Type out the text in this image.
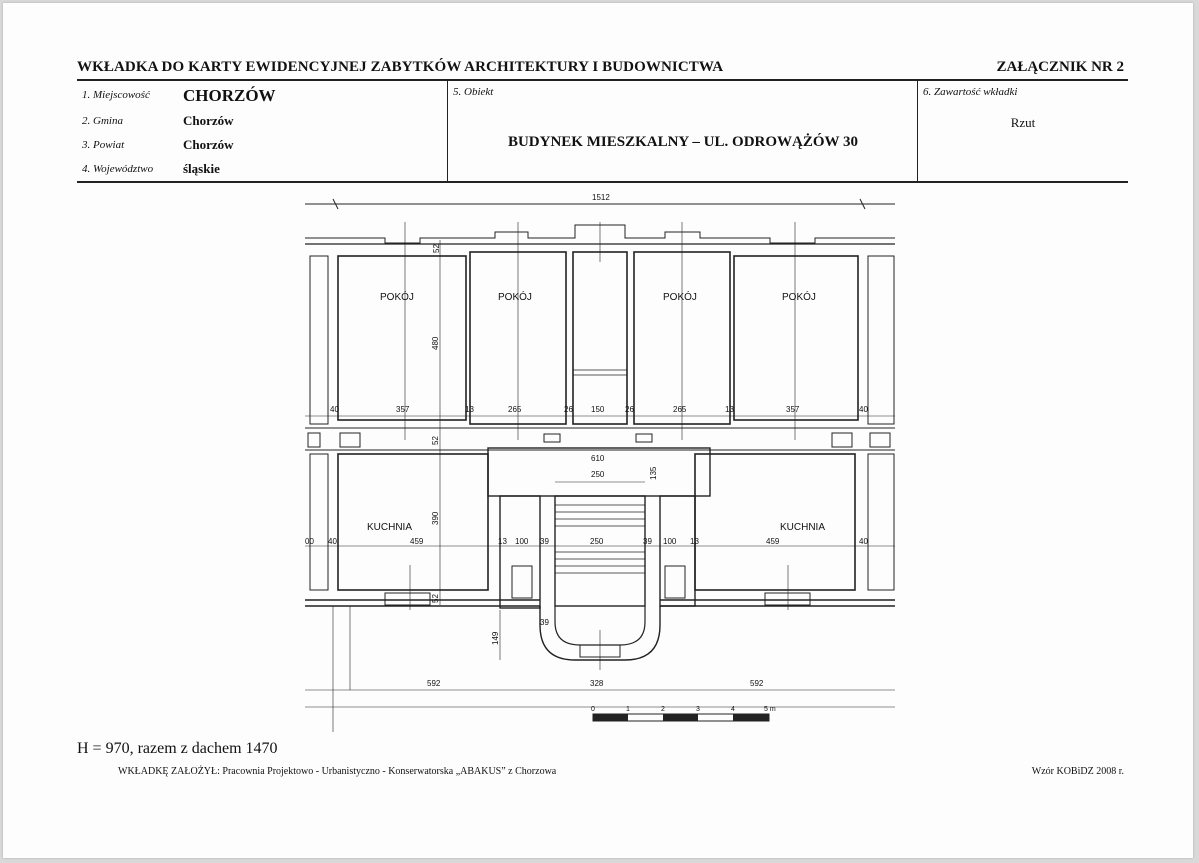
WKŁADKA DO KARTY EWIDENCYJNEJ ZABYTKÓW ARCHITEKTURY I BUDOWNICTWA	ZAŁĄCZNIK NR 2
1. Miejscowość CHORZÓW
2. Gmina	Chorzów
3. Powiat	Chorzów
4. Województwo śląskie
5. Obiekt
BUDYNEK MIESZKALNY – UL. ODROWĄŻÓW 30
6. Zawartość wkładki
Rzut
0	1	2	3	4	5 m
POKÓJ	POKÓJ	POKÓJ	POKÓJ
KUCHNIA	KUCHNIA
1512
52
480
52
390
52
40	357	13	265	26 150	26	265	13	357	40
610
250	135
00 40	459	13 100 39	250	39 100 13	459	40
39
149
592	328	592
H = 970, razem z dachem 1470
WKŁADKĘ ZAŁOŻYŁ: Pracownia Projektowo - Urbanistyczno - Konserwatorska „ABAKUS” z Chorzowa	Wzór KOBiDZ 2008 r.
